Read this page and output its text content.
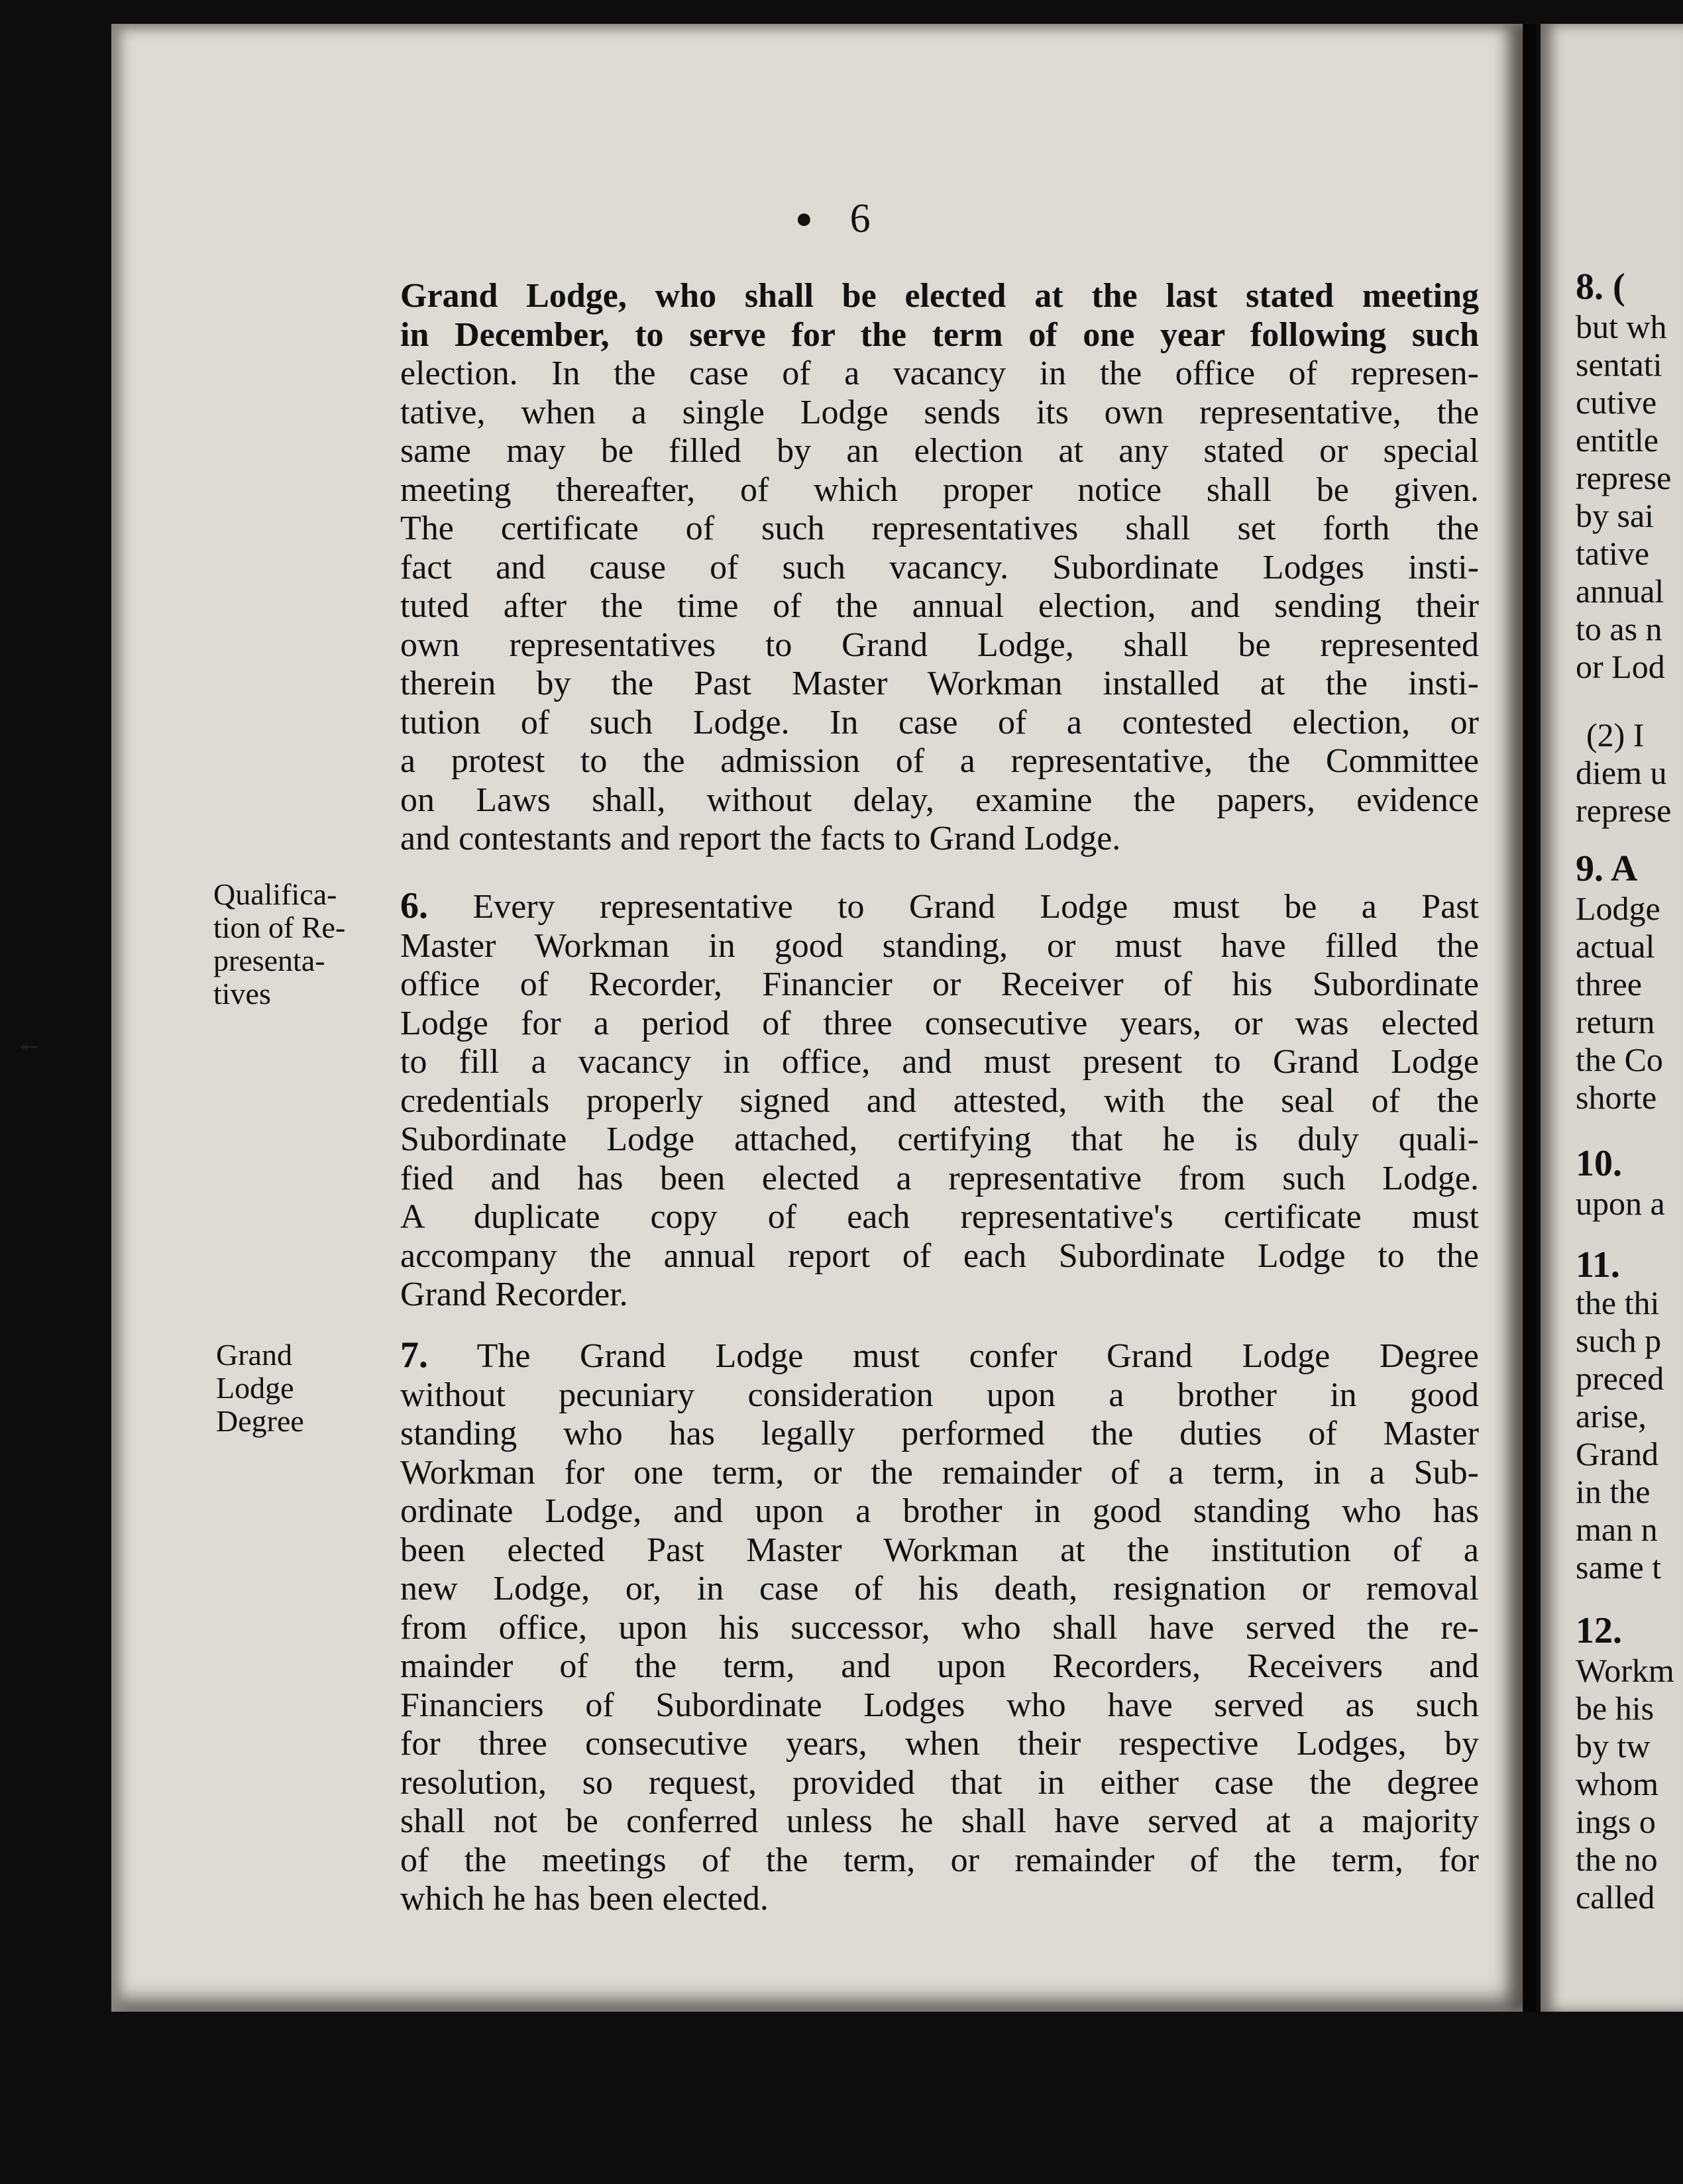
● 6
Grand Lodge, who shall be elected at the last stated meeting
in December, to serve for the term of one year following such
election. In the case of a vacancy in the office of represen-
tative, when a single Lodge sends its own representative, the
same may be filled by an election at any stated or special
meeting thereafter, of which proper notice shall be given.
The certificate of such representatives shall set forth the
fact and cause of such vacancy. Subordinate Lodges insti-
tuted after the time of the annual election, and sending their
own representatives to Grand Lodge, shall be represented
therein by the Past Master Workman installed at the insti-
tution of such Lodge. In case of a contested election, or
a protest to the admission of a representative, the Committee
on Laws shall, without delay, examine the papers, evidence
and contestants and report the facts to Grand Lodge.
Qualifica-
tion of Re-
presenta-
tives
6. Every representative to Grand Lodge must be a Past
Master Workman in good standing, or must have filled the
office of Recorder, Financier or Receiver of his Subordinate
Lodge for a period of three consecutive years, or was elected
to fill a vacancy in office, and must present to Grand Lodge
credentials properly signed and attested, with the seal of the
Subordinate Lodge attached, certifying that he is duly quali-
fied and has been elected a representative from such Lodge.
A duplicate copy of each representative's certificate must
accompany the annual report of each Subordinate Lodge to the
Grand Recorder.
Grand
Lodge
Degree
7. The Grand Lodge must confer Grand Lodge Degree
without pecuniary consideration upon a brother in good
standing who has legally performed the duties of Master
Workman for one term, or the remainder of a term, in a Sub-
ordinate Lodge, and upon a brother in good standing who has
been elected Past Master Workman at the institution of a
new Lodge, or, in case of his death, resignation or removal
from office, upon his successor, who shall have served the re-
mainder of the term, and upon Recorders, Receivers and
Financiers of Subordinate Lodges who have served as such
for three consecutive years, when their respective Lodges, by
resolution, so request, provided that in either case the degree
shall not be conferred unless he shall have served at a majority
of the meetings of the term, or remainder of the term, for
which he has been elected.
8. (
but wh
sentati
cutive
entitle
represe
by sai
tative
annual
to as n
or Lod
(2) I
diem u
represe
9. A
Lodge
actual
three
return
the Co
shorte
10.
upon a
11.
the thi
such p
preced
arise,
Grand
in the
man n
same t
12.
Workm
be his
by tw
whom
ings o
the no
called
↞
